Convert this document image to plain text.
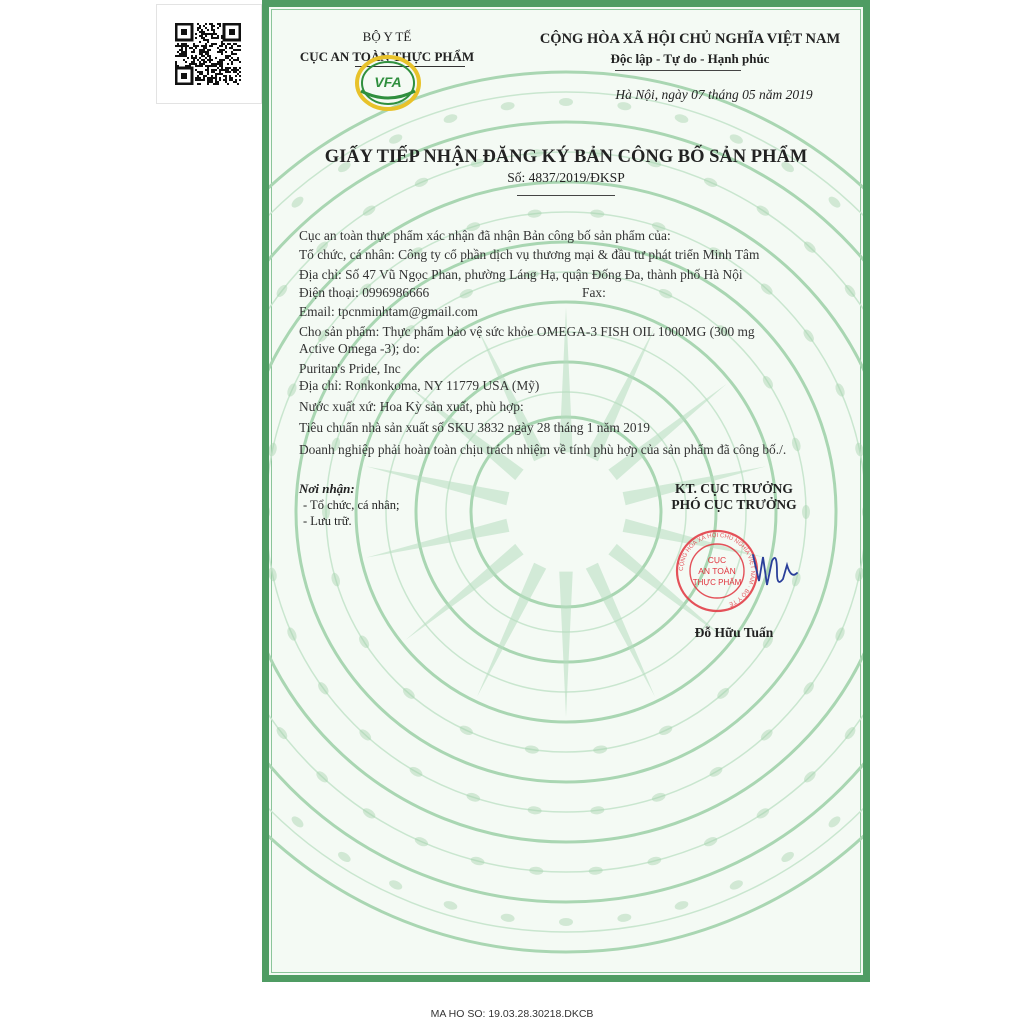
BỘ Y TẾ
CỤC AN TOÀN THỰC PHẨM
VFA
CỘNG HÒA XÃ HỘI CHỦ NGHĨA VIỆT NAM
Độc lập - Tự do - Hạnh phúc
Hà Nội, ngày 07 tháng 05 năm 2019
GIẤY TIẾP NHẬN ĐĂNG KÝ BẢN CÔNG BỐ SẢN PHẨM
Số: 4837/2019/ĐKSP
Cục an toàn thực phẩm xác nhận đã nhận Bản công bố sản phẩm của:
Tổ chức, cá nhân: Công ty cổ phần dịch vụ thương mại & đầu tư phát triển Minh Tâm
Địa chỉ: Số 47 Vũ Ngọc Phan, phường Láng Hạ, quận Đống Đa, thành phố Hà Nội
Điện thoại: 0996986666	Fax:
Email: tpcnminhtam@gmail.com
Cho sản phẩm: Thực phẩm bảo vệ sức khỏe OMEGA-3 FISH OIL 1000MG (300 mg
Active Omega -3); do:
Puritan's Pride, Inc
Địa chỉ: Ronkonkoma, NY 11779 USA (Mỹ)
Nước xuất xứ: Hoa Kỳ sản xuất, phù hợp:
Tiêu chuẩn nhà sản xuất số SKU 3832 ngày 28 tháng 1 năm 2019
Doanh nghiệp phải hoàn toàn chịu trách nhiệm về tính phù hợp của sản phẩm đã công bố./.
Nơi nhận:
- Tổ chức, cá nhân;
- Lưu trữ.
KT. CỤC TRƯỞNG
PHÓ CỤC TRƯỞNG
CỘNG HÒA XÃ HỘI CHỦ NGHĨA VIỆT NAM · BỘ Y TẾ
CỤC
AN TOÀN
THỰC PHẨM
Đỗ Hữu Tuấn
MA HO SO: 19.03.28.30218.DKCB
